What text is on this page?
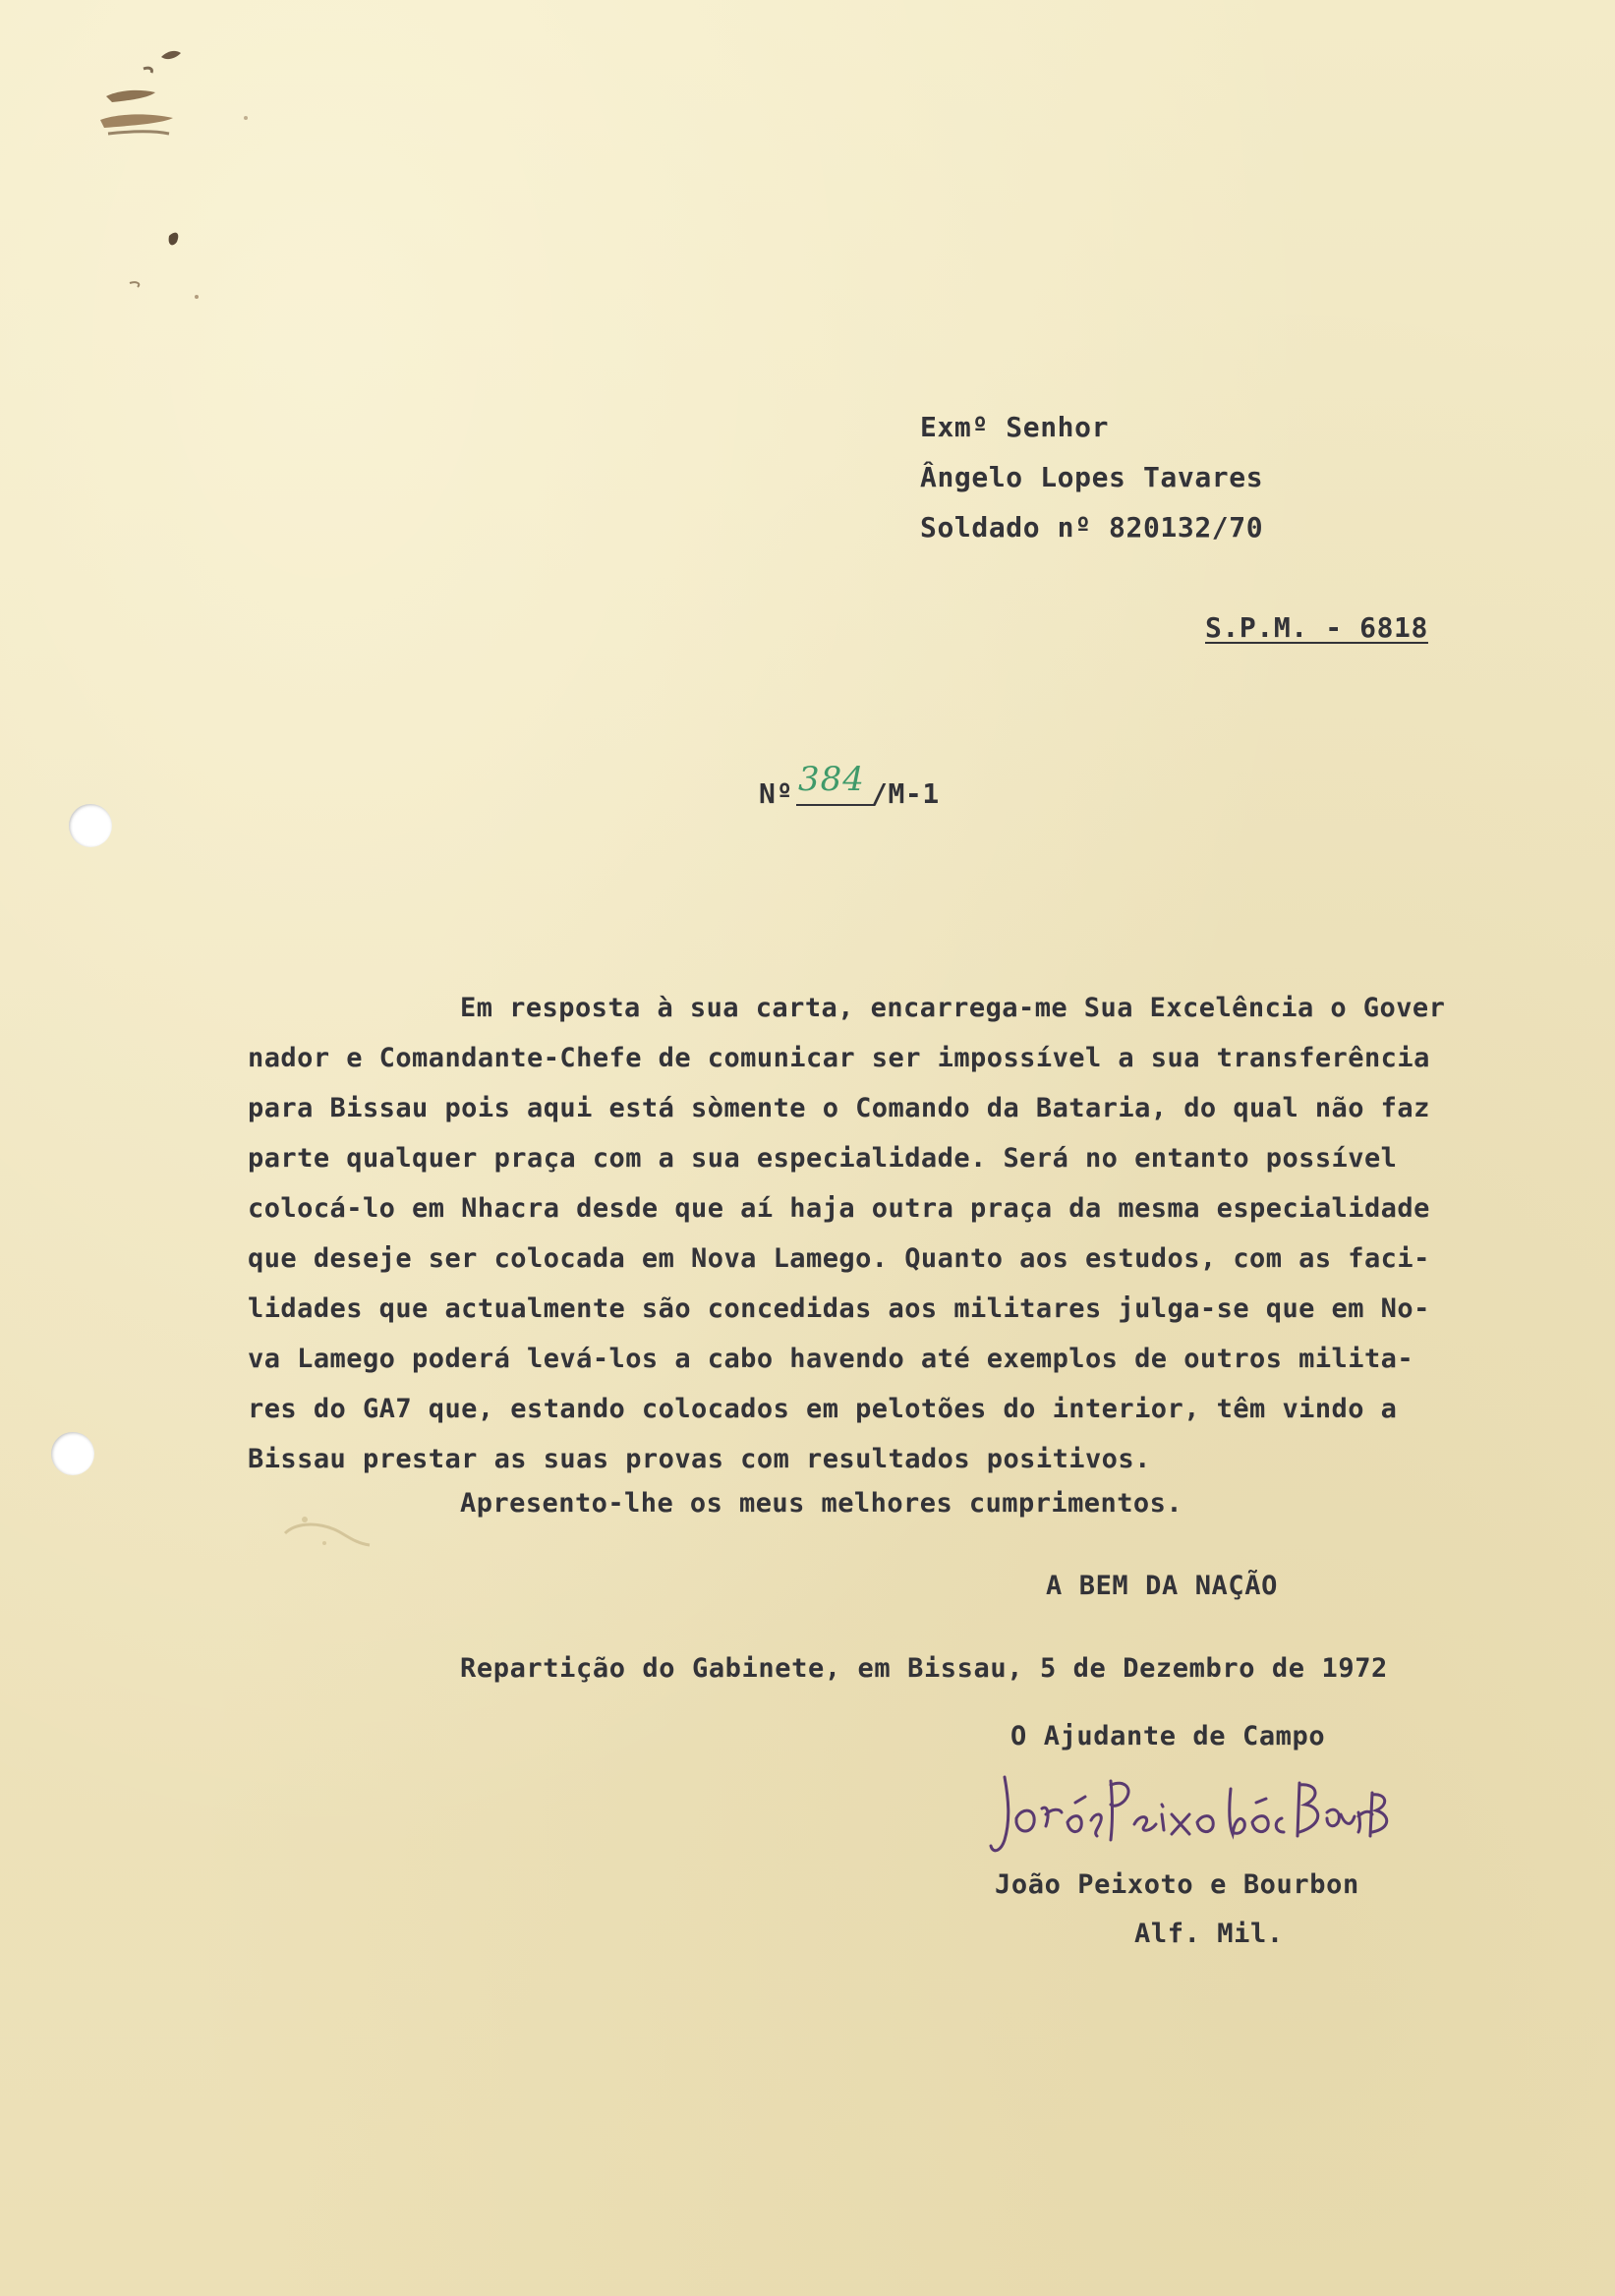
Exmº Senhor
Ângelo Lopes Tavares
Soldado nº 820132/70
S.P.M. - 6818
Nº 384 /M-1
Em resposta à sua carta, encarrega-me Sua Excelência o Gover
nador e Comandante-Chefe de comunicar ser impossível a sua transferência
para Bissau pois aqui está sòmente o Comando da Bataria, do qual não faz
parte qualquer praça com a sua especialidade. Será no entanto possível
colocá-lo em Nhacra desde que aí haja outra praça da mesma especialidade
que deseje ser colocada em Nova Lamego. Quanto aos estudos, com as faci-
lidades que actualmente são concedidas aos militares julga-se que em No-
va Lamego poderá levá-los a cabo havendo até exemplos de outros milita-
res do GA7 que, estando colocados em pelotões do interior, têm vindo a
Bissau prestar as suas provas com resultados positivos.
Apresento-lhe os meus melhores cumprimentos.
A BEM DA NAÇÃO
Repartição do Gabinete, em Bissau, 5 de Dezembro de 1972
O Ajudante de Campo
João Peixoto e Bourbon
Alf. Mil.
